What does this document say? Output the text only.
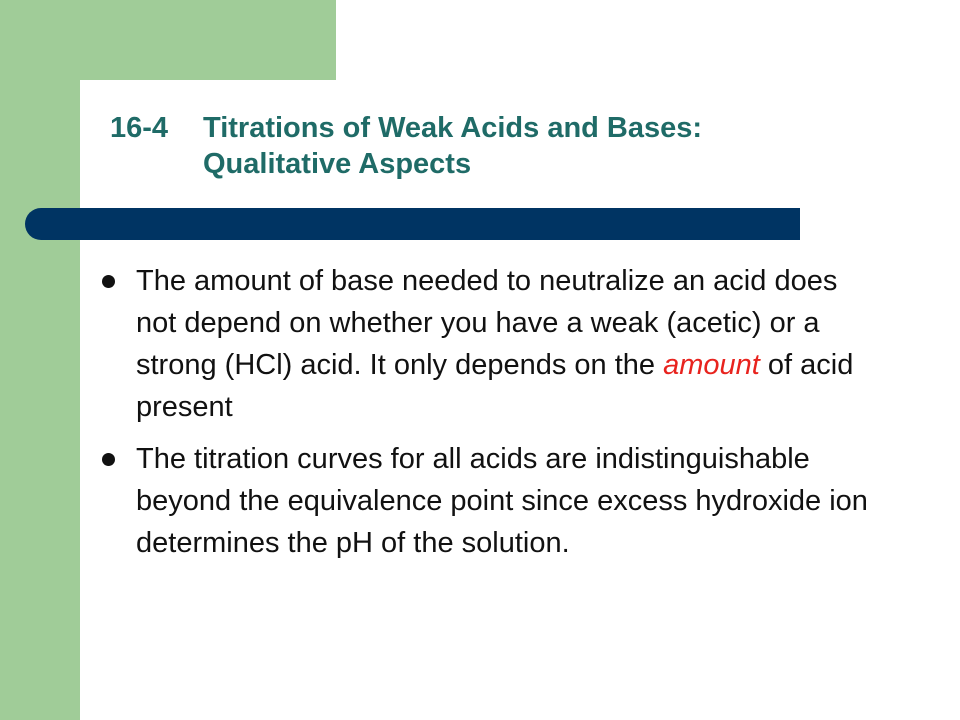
16-4	Titrations of Weak Acids and Bases:
Qualitative Aspects
The amount of base needed to neutralize an acid does not depend on whether you have a weak (acetic) or a strong (HCl) acid. It only depends on the amount of acid present
The titration curves for all acids are indistinguishable beyond the equivalence point since excess hydroxide ion determines the pH of the solution.
